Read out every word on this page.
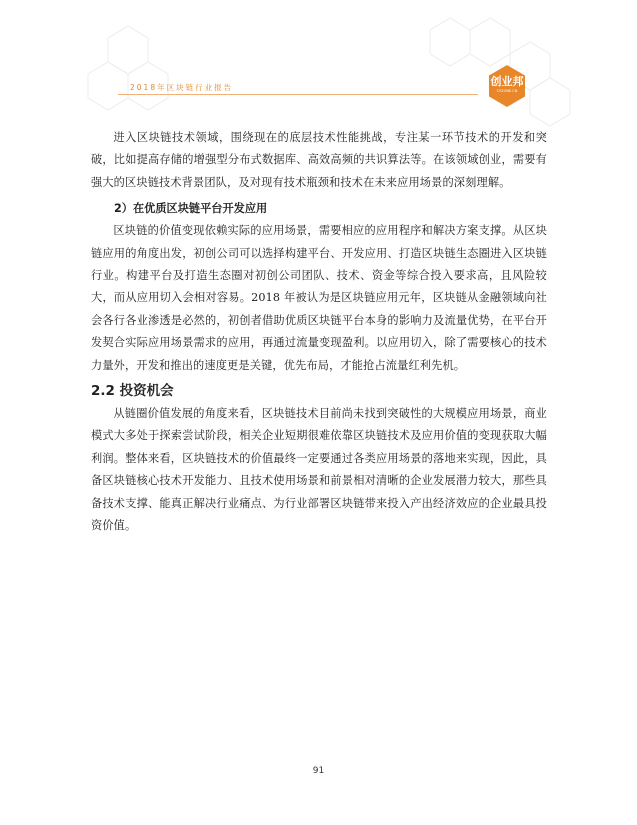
2018年区块链行业报告	创业邦
CYZONE.CN

进入区块链技术领域，围绕现在的底层技术性能挑战，专注某一环节技术的开发和突破，比如提高存储的增强型分布式数据库、高效高频的共识算法等。在该领域创业，需要有强大的区块链技术背景团队，及对现有技术瓶颈和技术在未来应用场景的深刻理解。

2）在优质区块链平台开发应用

区块链的价值变现依赖实际的应用场景，需要相应的应用程序和解决方案支撑。从区块链应用的角度出发，初创公司可以选择构建平台、开发应用、打造区块链生态圈进入区块链行业。构建平台及打造生态圈对初创公司团队、技术、资金等综合投入要求高，且风险较大，而从应用切入会相对容易。2018 年被认为是区块链应用元年，区块链从金融领域向社会各行各业渗透是必然的，初创者借助优质区块链平台本身的影响力及流量优势，在平台开发契合实际应用场景需求的应用，再通过流量变现盈利。以应用切入，除了需要核心的技术力量外，开发和推出的速度更是关键，优先布局，才能抢占流量红利先机。

2.2 投资机会

从链圈价值发展的角度来看，区块链技术目前尚未找到突破性的大规模应用场景，商业模式大多处于探索尝试阶段，相关企业短期很难依靠区块链技术及应用价值的变现获取大幅利润。整体来看，区块链技术的价值最终一定要通过各类应用场景的落地来实现，因此，具备区块链核心技术开发能力、且技术使用场景和前景相对清晰的企业发展潜力较大，那些具备技术支撑、能真正解决行业痛点、为行业部署区块链带来投入产出经济效应的企业最具投资价值。

91
